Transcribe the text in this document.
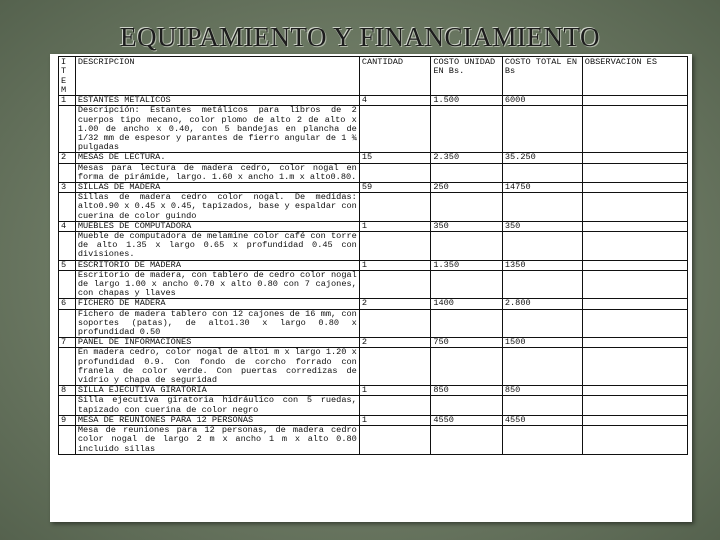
EQUIPAMIENTO Y FINANCIAMIENTO
I T E M	DESCRIPCION	CANTIDAD	COSTO UNIDAD EN Bs.	COSTO TOTAL EN Bs	OBSERVACION ES
1	ESTANTES METALICOS	4	1.500	6000	
	Descripción: Estantes metálicos para libros de 2 cuerpos tipo mecano, color plomo de alto 2 de alto x 1.00 de ancho x 0.40, con 5 bandejas en plancha de 1/32 mm de espesor y parantes de fierro angular de 1 ¾ pulgadas				
2	MESAS DE LECTURA.	15	2.350	35.250	
	Mesas para lectura de madera cedro, color nogal en forma de pirámide, largo. 1.60 x ancho 1.m x alto0.80.				
3	SILLAS DE MADERA	59	250	14750	
	Sillas de madera cedro color nogal. De medidas: alto0.90 x 0.45 x 0.45, tapizados, base y espaldar con cuerina de color guindo				
4	MUEBLES DE COMPUTADORA	1	350	350	
	Mueble de computadora de melamine color café con torre de alto 1.35 x largo 0.65 x profundidad 0.45 con divisiones.				
5	ESCRITORIO DE MADERA	1	1.350	1350	
	Escritorio de madera, con tablero de cedro color nogal de largo 1.00 x ancho 0.70 x alto 0.80 con 7 cajones, con chapas y llaves				
6	FICHERO DE MADERA	2	1400	2.800	
	Fichero de madera tablero con 12 cajones de 16 mm, con soportes (patas), de alto1.30 x largo 0.80 x profundidad 0.50				
7	PANEL DE INFORMACIONES	2	750	1500	
	En madera cedro, color nogal de alto1 m x largo 1.20 x profundidad 0.9. Con fondo de corcho forrado con franela de color verde. Con puertas corredizas de vidrio y chapa de seguridad				
8	SILLA EJECUTIVA GIRATORIA	1	850	850	
	Silla ejecutiva giratoria hidráulico con 5 ruedas, tapizado con cuerina de color negro				
9	MESA DE REUNIONES PARA 12 PERSONAS	1	4550	4550	
	Mesa de reuniones para 12 personas, de madera cedro color nogal de largo 2 m x ancho 1 m x alto 0.80 incluido sillas				
